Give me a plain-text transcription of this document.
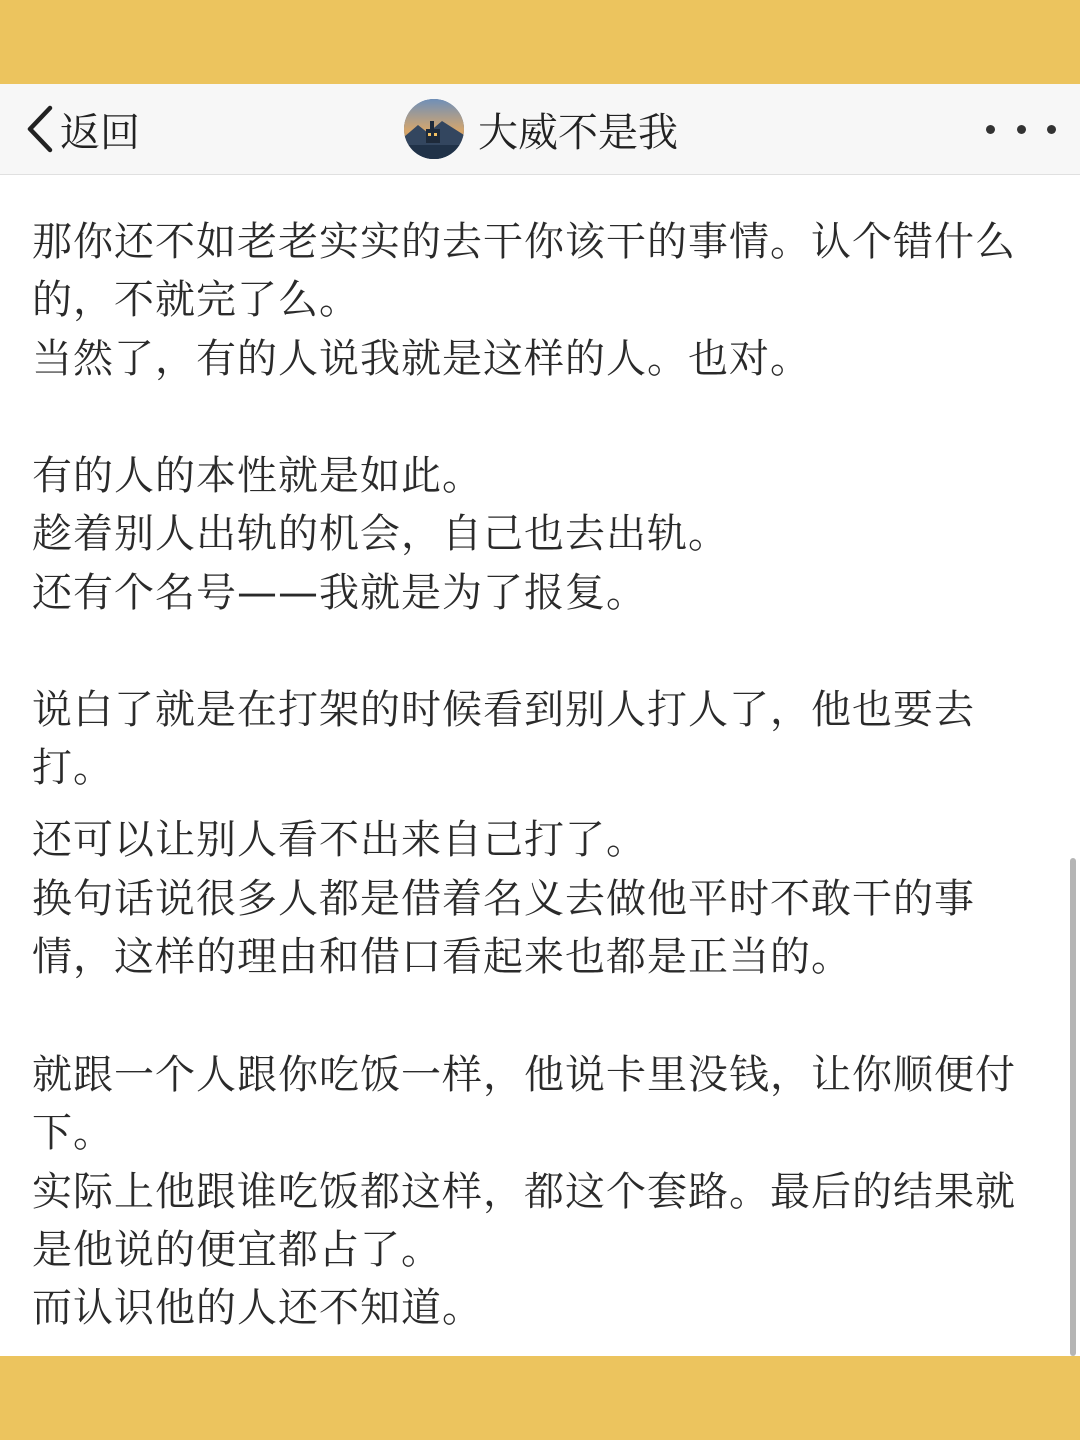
返回	大威不是我
那你还不如老老实实的去干你该干的事情。认个错什么
的，不就完了么。
当然了，有的人说我就是这样的人。也对。
有的人的本性就是如此。
趁着别人出轨的机会，自己也去出轨。
还有个名号——我就是为了报复。
说白了就是在打架的时候看到别人打人了，他也要去
打。
还可以让别人看不出来自己打了。
换句话说很多人都是借着名义去做他平时不敢干的事
情，这样的理由和借口看起来也都是正当的。
就跟一个人跟你吃饭一样，他说卡里没钱，让你顺便付
下。
实际上他跟谁吃饭都这样，都这个套路。最后的结果就
是他说的便宜都占了。
而认识他的人还不知道。
